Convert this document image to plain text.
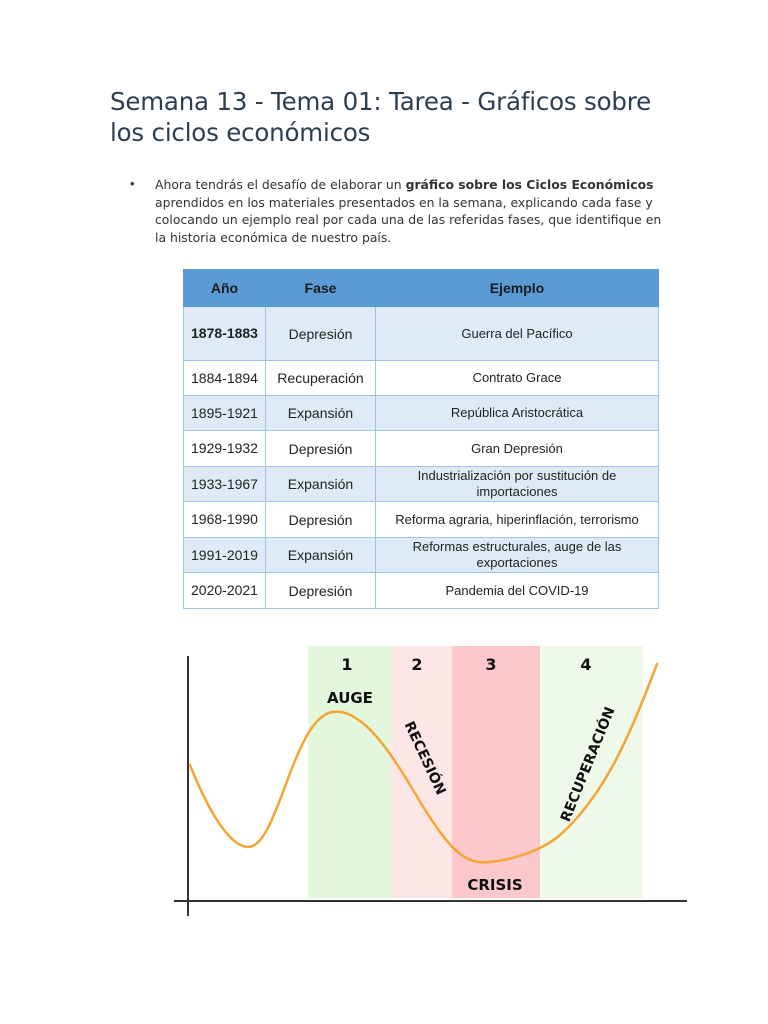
Semana 13 - Tema 01: Tarea - Gráficos sobre los ciclos económicos
• Ahora tendrás el desafío de elaborar un gráfico sobre los Ciclos Económicos aprendidos en los materiales presentados en la semana, explicando cada fase y colocando un ejemplo real por cada una de las referidas fases, que identifique en la historia económica de nuestro país.

Año	Fase	Ejemplo
1878-1883	Depresión	Guerra del Pacífico
1884-1894	Recuperación	Contrato Grace
1895-1921	Expansión	República Aristocrática
1929-1932	Depresión	Gran Depresión
1933-1967	Expansión	Industrialización por sustitución de importaciones
1968-1990	Depresión	Reforma agraria, hiperinflación, terrorismo
1991-2019	Expansión	Reformas estructurales, auge de las exportaciones
2020-2021	Depresión	Pandemia del COVID-19
1	2	3	4
AUGE
RECESIÓN
CRISIS
RECUPERACIÓN
